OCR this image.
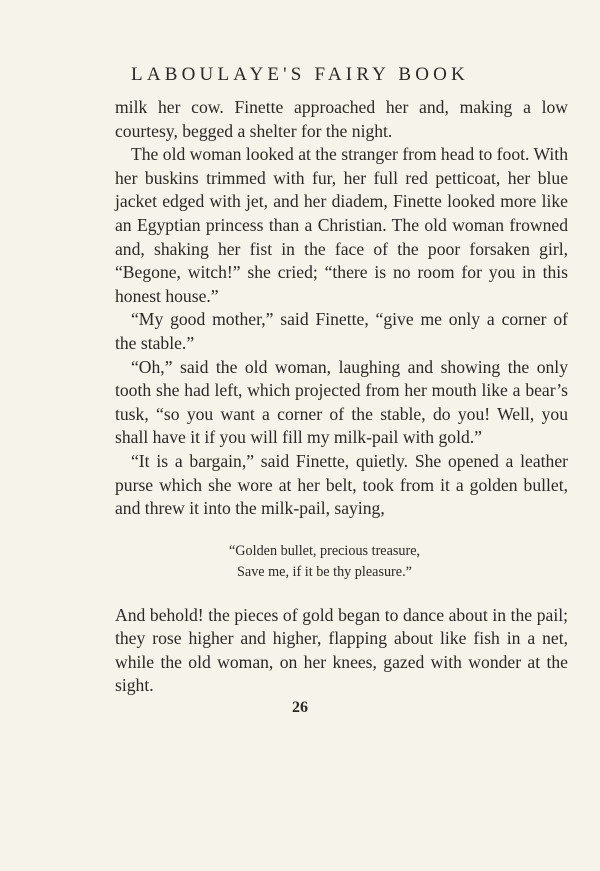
LABOULAYE'S FAIRY BOOK

milk her cow. Finette approached her and, making a low courtesy, begged a shelter for the night.

The old woman looked at the stranger from head to foot. With her buskins trimmed with fur, her full red petticoat, her blue jacket edged with jet, and her diadem, Finette looked more like an Egyptian princess than a Christian. The old woman frowned and, shaking her fist in the face of the poor forsaken girl, “Begone, witch!” she cried; “there is no room for you in this honest house.”

“My good mother,” said Finette, “give me only a corner of the stable.”

“Oh,” said the old woman, laughing and showing the only tooth she had left, which projected from her mouth like a bear’s tusk, “so you want a corner of the stable, do you! Well, you shall have it if you will fill my milk-pail with gold.”

“It is a bargain,” said Finette, quietly. She opened a leather purse which she wore at her belt, took from it a golden bullet, and threw it into the milk-pail, saying,

“Golden bullet, precious treasure,
Save me, if it be thy pleasure.”

And behold! the pieces of gold began to dance about in the pail; they rose higher and higher, flapping about like fish in a net, while the old woman, on her knees, gazed with wonder at the sight.

26
